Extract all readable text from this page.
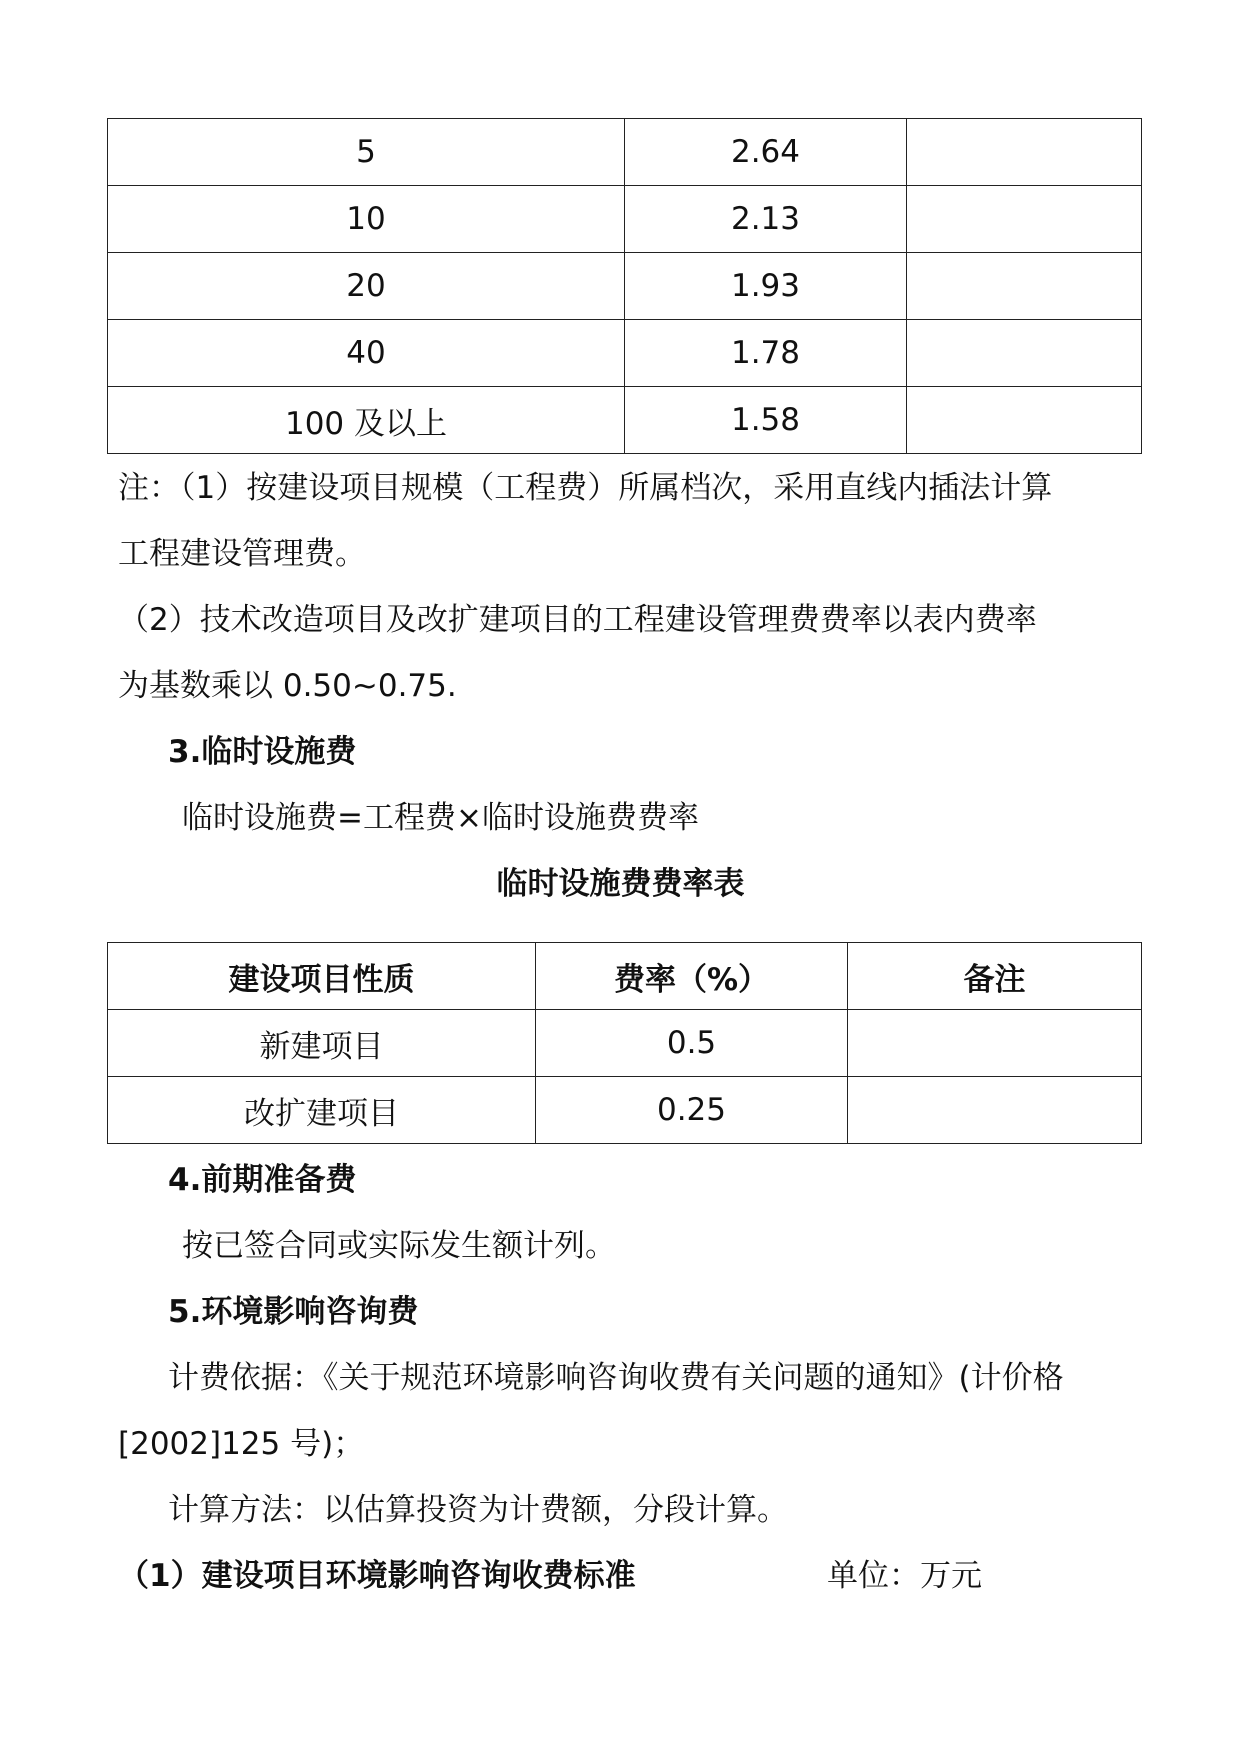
5	2.64	
10	2.13	
20	1.93	
40	1.78	
100 及以上	1.58	
注：（1）按建设项目规模（工程费）所属档次，采用直线内插法计算
工程建设管理费。
（2）技术改造项目及改扩建项目的工程建设管理费费率以表内费率
为基数乘以 0.50~0.75.
3.临时设施费
临时设施费=工程费×临时设施费费率
临时设施费费率表
建设项目性质	费率（%）	备注
新建项目	0.5	
改扩建项目	0.25	
4.前期准备费
按已签合同或实际发生额计列。
5.环境影响咨询费
计费依据：《关于规范环境影响咨询收费有关问题的通知》(计价格
[2002]125 号)；
计算方法：以估算投资为计费额，分段计算。
（1）建设项目环境影响咨询收费标准	单位：万元
